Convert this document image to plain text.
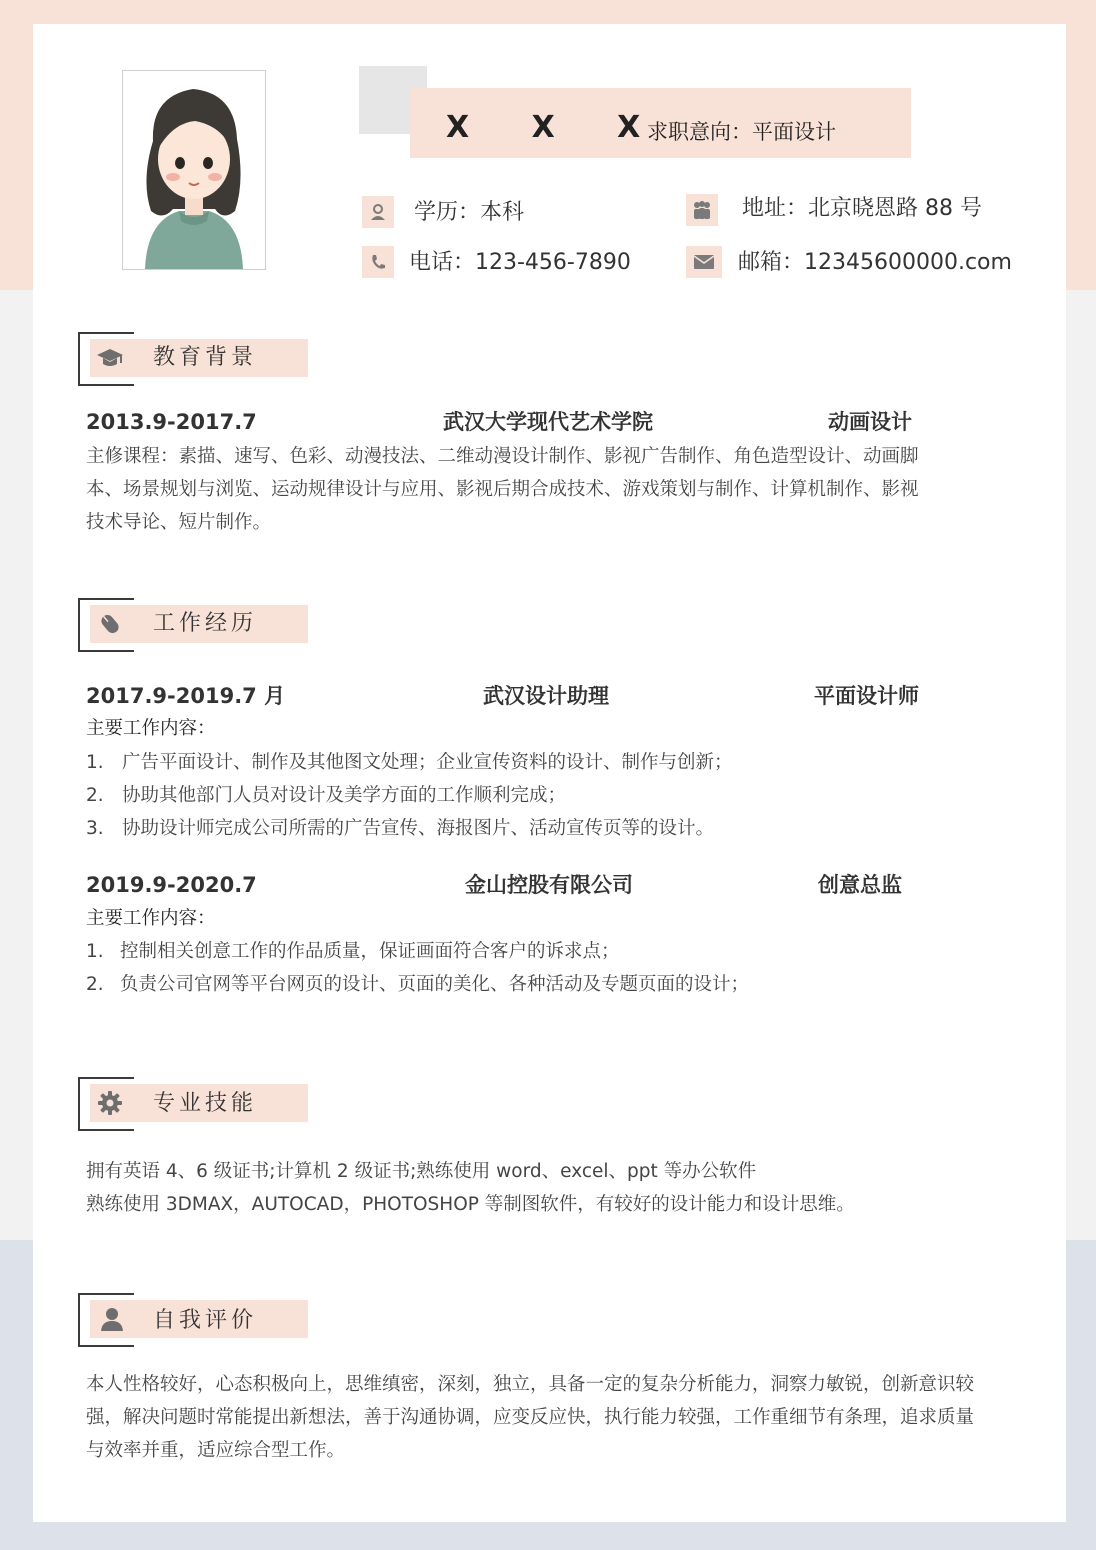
X X X
求职意向：平面设计
学历：本科	地址：北京晓恩路 88 号
电话：123-456-7890	邮箱：12345600000.com
教育背景
2013.9-2017.7	武汉大学现代艺术学院	动画设计
主修课程：素描、速写、色彩、动漫技法、二维动漫设计制作、影视广告制作、角色造型设计、动画脚
本、场景规划与浏览、运动规律设计与应用、影视后期合成技术、游戏策划与制作、计算机制作、影视
技术导论、短片制作。
工作经历
2017.9-2019.7 月	武汉设计助理	平面设计师
主要工作内容：
1. 广告平面设计、制作及其他图文处理；企业宣传资料的设计、制作与创新；
2. 协助其他部门人员对设计及美学方面的工作顺利完成；
3. 协助设计师完成公司所需的广告宣传、海报图片、活动宣传页等的设计。
2019.9-2020.7	金山控股有限公司	创意总监
主要工作内容：
1. 控制相关创意工作的作品质量，保证画面符合客户的诉求点；
2. 负责公司官网等平台网页的设计、页面的美化、各种活动及专题页面的设计；
专业技能
拥有英语 4、6 级证书;计算机 2 级证书;熟练使用 word、excel、ppt 等办公软件
熟练使用 3DMAX，AUTOCAD，PHOTOSHOP 等制图软件，有较好的设计能力和设计思维。
自我评价
本人性格较好，心态积极向上，思维缜密，深刻，独立，具备一定的复杂分析能力，洞察力敏锐，创新意识较
强，解决问题时常能提出新想法，善于沟通协调，应变反应快，执行能力较强，工作重细节有条理，追求质量
与效率并重，适应综合型工作。
